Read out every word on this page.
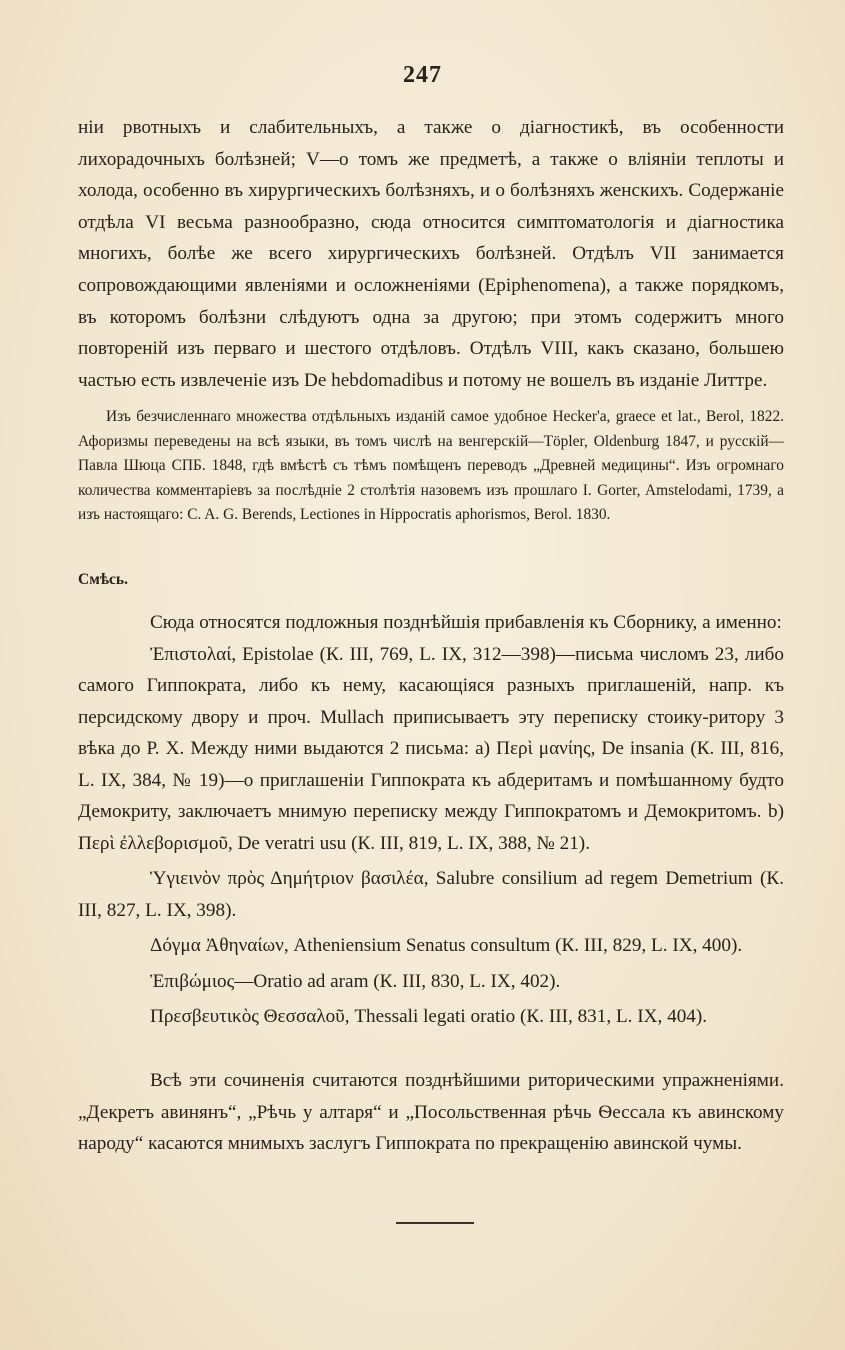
247
ніи рвотныхъ и слабительныхъ, а также о діагностикѣ, въ особенности лихорадочныхъ болѣзней; V—о томъ же предметѣ, а также о вліяніи теплоты и холода, особенно въ хирургическихъ болѣзняхъ, и о болѣзняхъ женскихъ. Содержаніе отдѣла VI весьма разнообразно, сюда относится симптоматологія и діагностика многихъ, болѣе же всего хирургическихъ болѣзней. Отдѣлъ VII занимается сопровождающими явленіями и осложненіями (Epiphenomena), а также порядкомъ, въ которомъ болѣзни слѣдуютъ одна за другою; при этомъ содержитъ много повтореній изъ перваго и шестого отдѣловъ. Отдѣлъ VIII, какъ сказано, большею частью есть извлеченіе изъ De hebdomadibus и потому не вошелъ въ изданіе Литтре.
Изъ безчисленнаго множества отдѣльныхъ изданій самое удобное Hecker'a, graece et lat., Berol, 1822. Афоризмы переведены на всѣ языки, въ томъ числѣ на венгерскій—Töpler, Oldenburg 1847, и русскій—Павла Шюца СПБ. 1848, гдѣ вмѣстѣ съ тѣмъ помѣщенъ переводъ „Древней медицины“. Изъ огромнаго количества комментаріевъ за послѣдніе 2 столѣтія назовемъ изъ прошлаго I. Gorter, Amstelodami, 1739, а изъ настоящаго: C. A. G. Berends, Lectiones in Hippocratis aphorismos, Berol. 1830.
Смѣсь.

Сюда относятся подложныя позднѣйшія прибавленія къ Сборнику, а именно:

Ἐπιστολαί, Epistolae (К. III, 769, L. IX, 312—398)—письма числомъ 23, либо самого Гиппократа, либо къ нему, касающіяся разныхъ приглашеній, напр. къ персидскому двору и проч. Mullach приписываетъ эту переписку стоику-ритору 3 вѣка до Р. Х. Между ними выдаются 2 письма: a) Περὶ μανίης, De insania (К. III, 816, L. IX, 384, № 19)—о приглашеніи Гиппократа къ абдеритамъ и помѣшанному будто Демокриту, заключаетъ мнимую переписку между Гиппократомъ и Демокритомъ. b) Περὶ ἐλλεβορισμοῦ, De veratri usu (К. III, 819, L. IX, 388, № 21).

Ὑγιεινὸν πρὸς Δημήτριον βασιλέα, Salubre consilium ad regem Demetrium (К. III, 827, L. IX, 398).

Δόγμα Ἀθηναίων, Atheniensium Senatus consultum (К. III, 829, L. IX, 400).

Ἐπιβώμιος—Oratio ad aram (К. III, 830, L. IX, 402).

Πρεσβευτικὸς Θεσσαλοῦ, Thessali legati oratio (К. III, 831, L. IX, 404).

Всѣ эти сочиненія считаются позднѣйшими риторическими упражненіями. „Декретъ авинянъ“, „Рѣчь у алтаря“ и „Посольственная рѣчь Ѳессала къ авинскому народу“ касаются мнимыхъ заслугъ Гиппократа по прекращенію авинской чумы.
